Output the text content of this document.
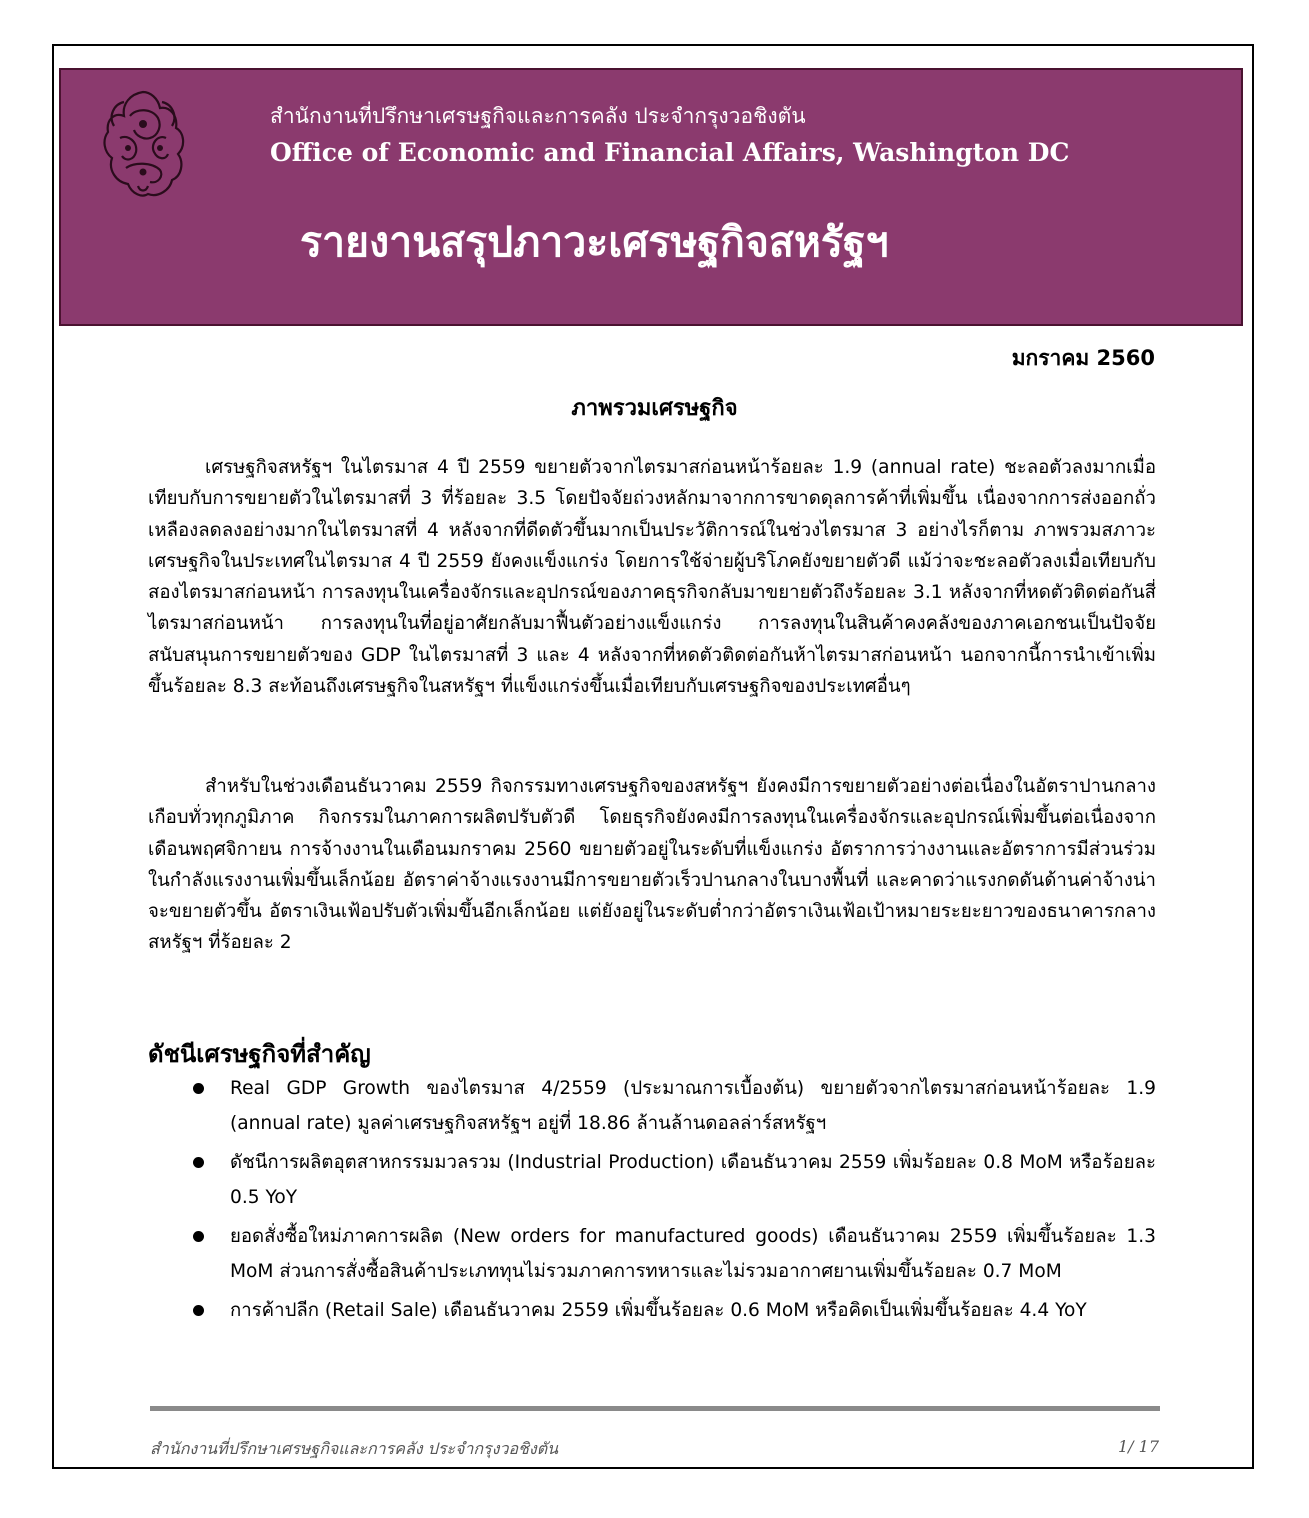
สำนักงานที่ปรึกษาเศรษฐกิจและการคลัง ประจำกรุงวอชิงตัน
Office of Economic and Financial Affairs, Washington DC
รายงานสรุปภาวะเศรษฐกิจสหรัฐฯ
มกราคม 2560
ภาพรวมเศรษฐกิจ

เศรษฐกิจสหรัฐฯ ในไตรมาส 4 ปี 2559 ขยายตัวจากไตรมาสก่อนหน้าร้อยละ 1.9 (annual rate) ชะลอตัวลงมากเมื่อเทียบกับการขยายตัวในไตรมาสที่ 3 ที่ร้อยละ 3.5 โดยปัจจัยถ่วงหลักมาจากการขาดดุลการค้าที่เพิ่มขึ้น เนื่องจากการส่งออกถั่วเหลืองลดลงอย่างมากในไตรมาสที่ 4 หลังจากที่ดีดตัวขึ้นมากเป็นประวัติการณ์ในช่วงไตรมาส 3 อย่างไรก็ตาม ภาพรวมสภาวะเศรษฐกิจในประเทศในไตรมาส 4 ปี 2559 ยังคงแข็งแกร่ง โดยการใช้จ่ายผู้บริโภคยังขยายตัวดี แม้ว่าจะชะลอตัวลงเมื่อเทียบกับสองไตรมาสก่อนหน้า การลงทุนในเครื่องจักรและอุปกรณ์ของภาคธุรกิจกลับมาขยายตัวถึงร้อยละ 3.1 หลังจากที่หดตัวติดต่อกันสี่ไตรมาสก่อนหน้า การลงทุนในที่อยู่อาศัยกลับมาฟื้นตัวอย่างแข็งแกร่ง การลงทุนในสินค้าคงคลังของภาคเอกชนเป็นปัจจัยสนับสนุนการขยายตัวของ GDP ในไตรมาสที่ 3 และ 4 หลังจากที่หดตัวติดต่อกันห้าไตรมาสก่อนหน้า นอกจากนี้การนำเข้าเพิ่มขึ้นร้อยละ 8.3 สะท้อนถึงเศรษฐกิจในสหรัฐฯ ที่แข็งแกร่งขึ้นเมื่อเทียบกับเศรษฐกิจของประเทศอื่นๆ

สำหรับในช่วงเดือนธันวาคม 2559 กิจกรรมทางเศรษฐกิจของสหรัฐฯ ยังคงมีการขยายตัวอย่างต่อเนื่องในอัตราปานกลางเกือบทั่วทุกภูมิภาค กิจกรรมในภาคการผลิตปรับตัวดี โดยธุรกิจยังคงมีการลงทุนในเครื่องจักรและอุปกรณ์เพิ่มขึ้นต่อเนื่องจากเดือนพฤศจิกายน การจ้างงานในเดือนมกราคม 2560 ขยายตัวอยู่ในระดับที่แข็งแกร่ง อัตราการว่างงานและอัตราการมีส่วนร่วมในกำลังแรงงานเพิ่มขึ้นเล็กน้อย อัตราค่าจ้างแรงงานมีการขยายตัวเร็วปานกลางในบางพื้นที่ และคาดว่าแรงกดดันด้านค่าจ้างน่าจะขยายตัวขึ้น อัตราเงินเฟ้อปรับตัวเพิ่มขึ้นอีกเล็กน้อย แต่ยังอยู่ในระดับต่ำกว่าอัตราเงินเฟ้อเป้าหมายระยะยาวของธนาคารกลางสหรัฐฯ ที่ร้อยละ 2

ดัชนีเศรษฐกิจที่สำคัญ
Real GDP Growth ของไตรมาส 4/2559 (ประมาณการเบื้องต้น) ขยายตัวจากไตรมาสก่อนหน้าร้อยละ 1.9 (annual rate) มูลค่าเศรษฐกิจสหรัฐฯ อยู่ที่ 18.86 ล้านล้านดอลล่าร์สหรัฐฯ
ดัชนีการผลิตอุตสาหกรรมมวลรวม (Industrial Production) เดือนธันวาคม 2559 เพิ่มร้อยละ 0.8 MoM หรือร้อยละ 0.5 YoY
ยอดสั่งซื้อใหม่ภาคการผลิต (New orders for manufactured goods) เดือนธันวาคม 2559 เพิ่มขึ้นร้อยละ 1.3 MoM ส่วนการสั่งซื้อสินค้าประเภททุนไม่รวมภาคการทหารและไม่รวมอากาศยานเพิ่มขึ้นร้อยละ 0.7 MoM
การค้าปลีก (Retail Sale) เดือนธันวาคม 2559 เพิ่มขึ้นร้อยละ 0.6 MoM หรือคิดเป็นเพิ่มขึ้นร้อยละ 4.4 YoY
สำนักงานที่ปรึกษาเศรษฐกิจและการคลัง ประจำกรุงวอชิงตัน	1/ 17
